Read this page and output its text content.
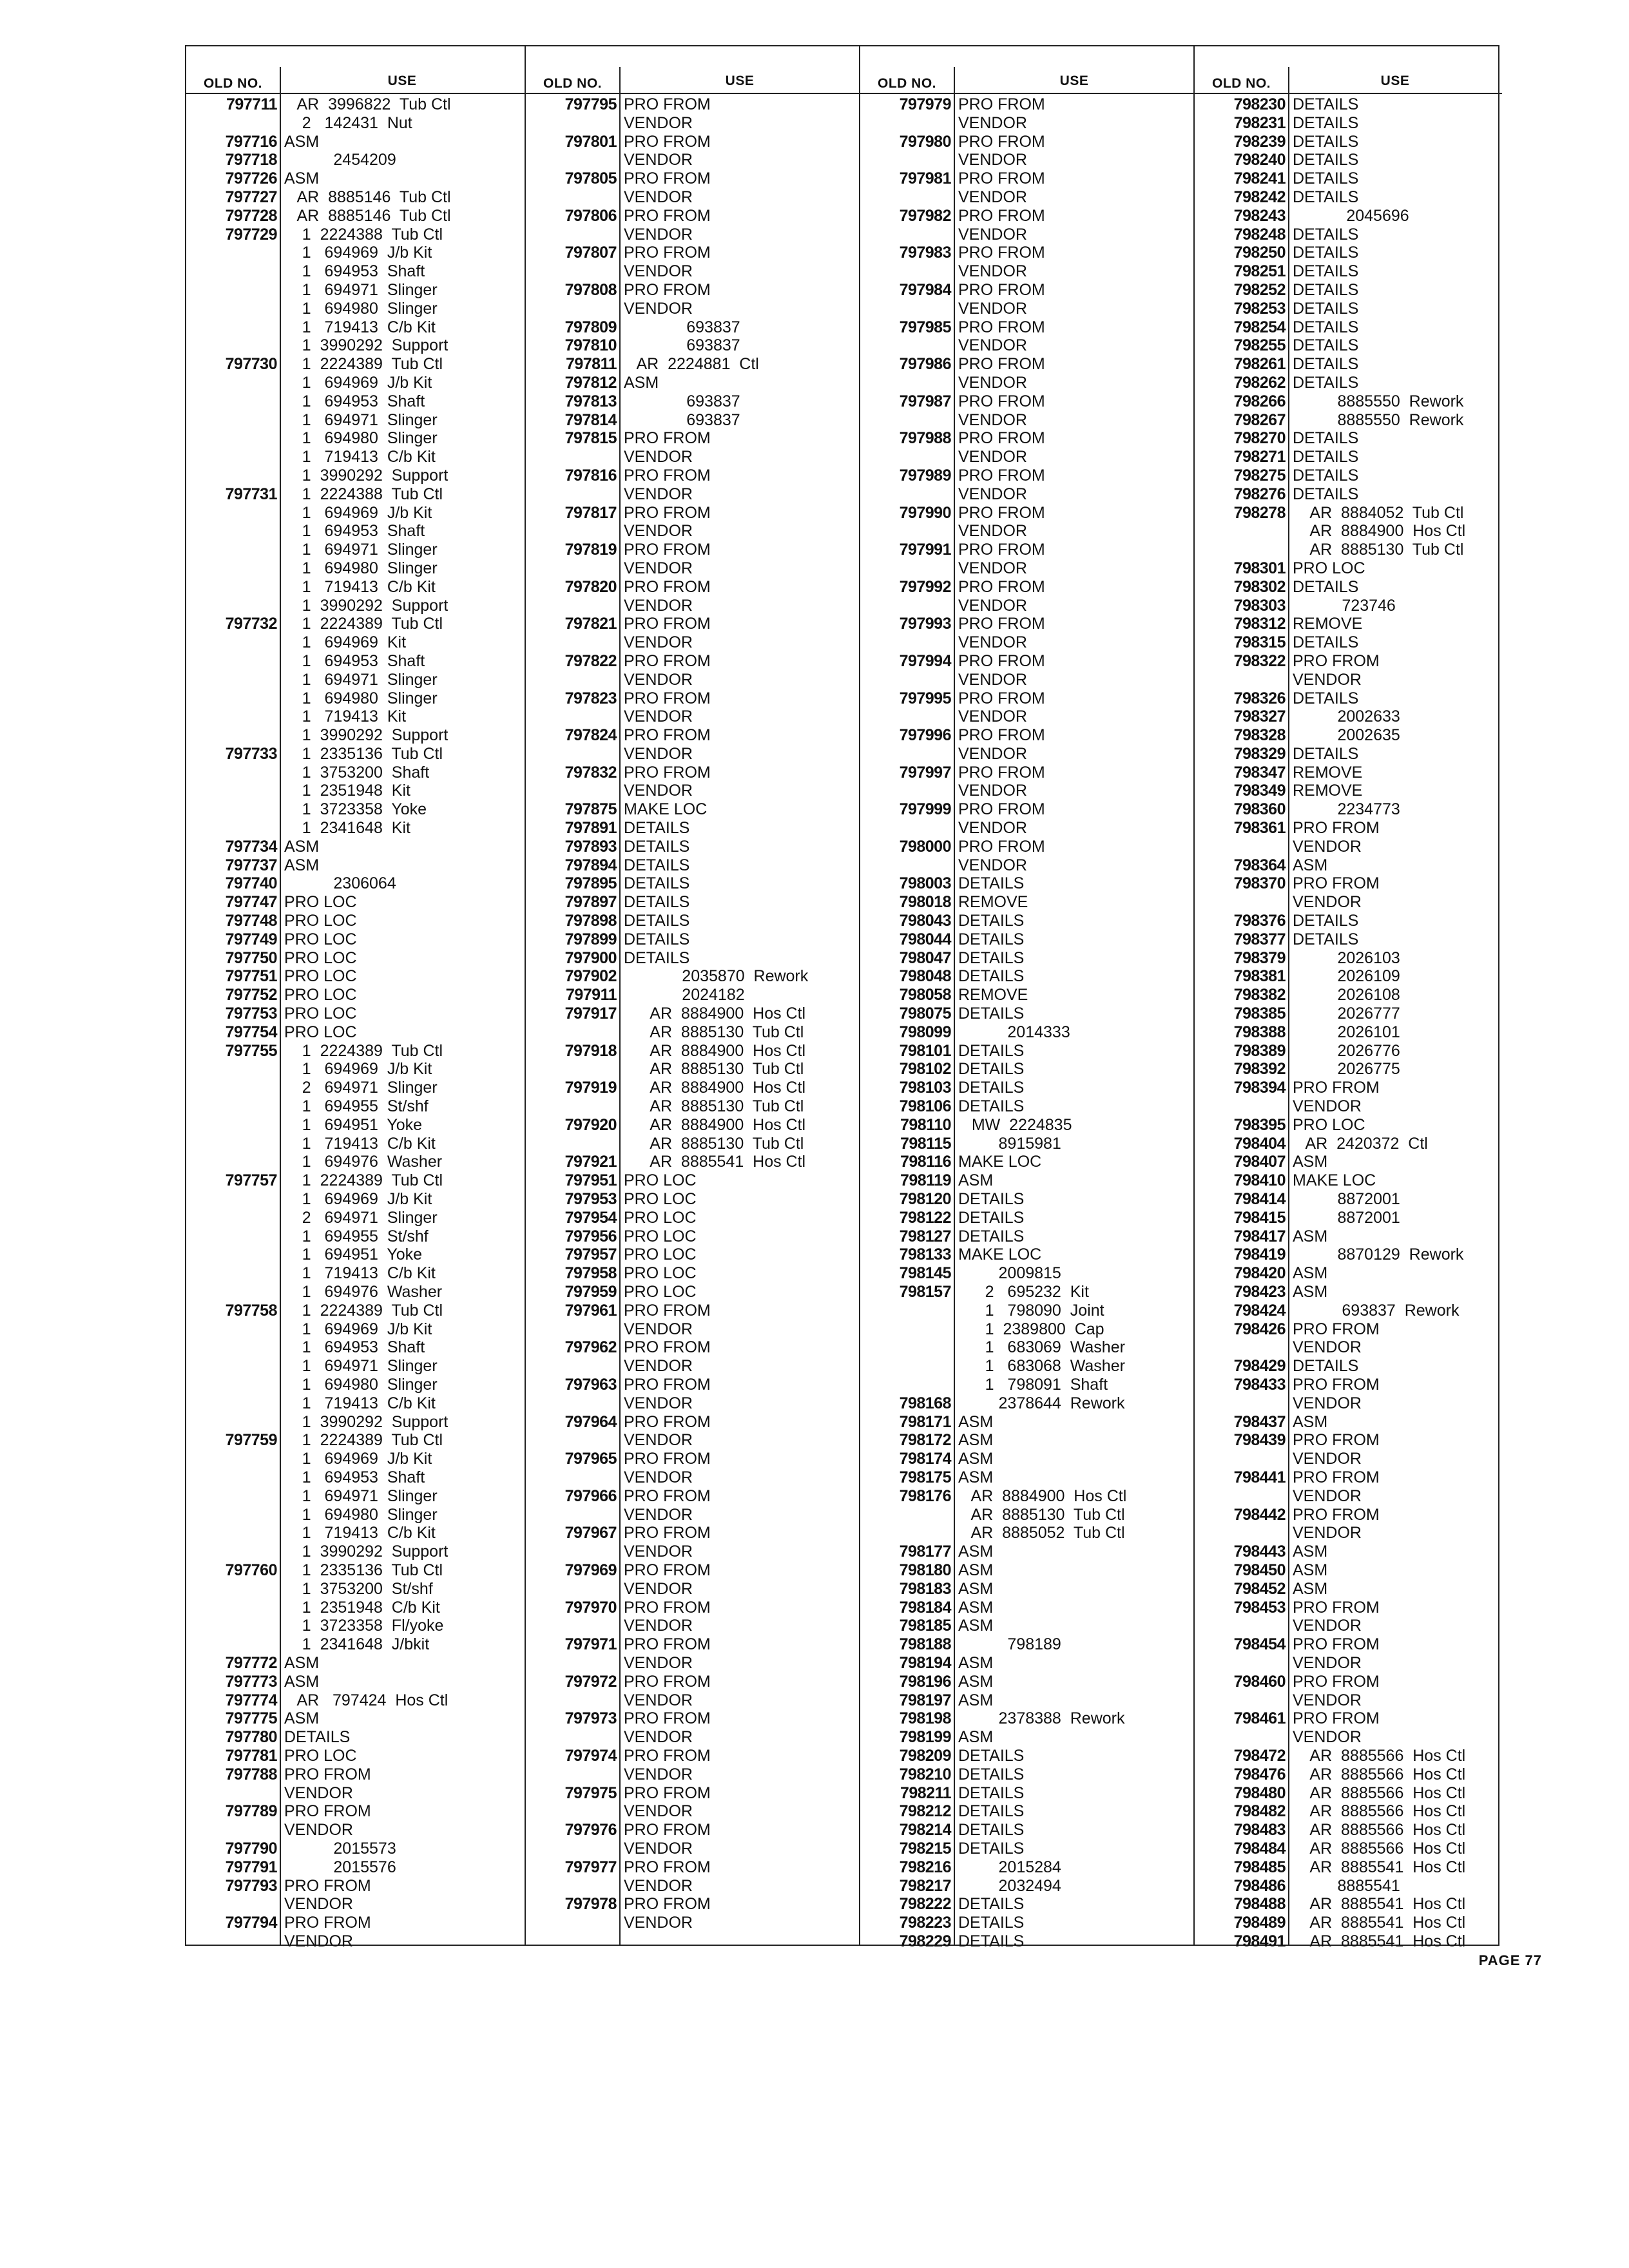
OLD NO.	USE
797711 AR  3996822  Tub Ctl
2   142431  Nut
797716 ASM
797718 2454209
797726 ASM
797727 AR  8885146  Tub Ctl
797728 AR  8885146  Tub Ctl
797729 1  2224388  Tub Ctl
1   694969  J/b Kit
1   694953  Shaft
1   694971  Slinger
1   694980  Slinger
1   719413  C/b Kit
1  3990292  Support
797730 1  2224389  Tub Ctl
1   694969  J/b Kit
1   694953  Shaft
1   694971  Slinger
1   694980  Slinger
1   719413  C/b Kit
1  3990292  Support
797731 1  2224388  Tub Ctl
1   694969  J/b Kit
1   694953  Shaft
1   694971  Slinger
1   694980  Slinger
1   719413  C/b Kit
1  3990292  Support
797732 1  2224389  Tub Ctl
1   694969  Kit
1   694953  Shaft
1   694971  Slinger
1   694980  Slinger
1   719413  Kit
1  3990292  Support
797733 1  2335136  Tub Ctl
1  3753200  Shaft
1  2351948  Kit
1  3723358  Yoke
1  2341648  Kit
797734 ASM
797737 ASM
797740 2306064
797747 PRO LOC
797748 PRO LOC
797749 PRO LOC
797750 PRO LOC
797751 PRO LOC
797752 PRO LOC
797753 PRO LOC
797754 PRO LOC
797755 1  2224389  Tub Ctl
1   694969  J/b Kit
2   694971  Slinger
1   694955  St/shf
1   694951  Yoke
1   719413  C/b Kit
1   694976  Washer
797757 1  2224389  Tub Ctl
1   694969  J/b Kit
2   694971  Slinger
1   694955  St/shf
1   694951  Yoke
1   719413  C/b Kit
1   694976  Washer
797758 1  2224389  Tub Ctl
1   694969  J/b Kit
1   694953  Shaft
1   694971  Slinger
1   694980  Slinger
1   719413  C/b Kit
1  3990292  Support
797759 1  2224389  Tub Ctl
1   694969  J/b Kit
1   694953  Shaft
1   694971  Slinger
1   694980  Slinger
1   719413  C/b Kit
1  3990292  Support
797760 1  2335136  Tub Ctl
1  3753200  St/shf
1  2351948  C/b Kit
1  3723358  Fl/yoke
1  2341648  J/bkit
797772 ASM
797773 ASM
797774 AR   797424  Hos Ctl
797775 ASM
797780 DETAILS
797781 PRO LOC
797788 PRO FROM
VENDOR
797789 PRO FROM
VENDOR
797790 2015573
797791 2015576
797793 PRO FROM
VENDOR
797794 PRO FROM
VENDOR
OLD NO.	USE
797795 PRO FROM
VENDOR
797801 PRO FROM
VENDOR
797805 PRO FROM
VENDOR
797806 PRO FROM
VENDOR
797807 PRO FROM
VENDOR
797808 PRO FROM
VENDOR
797809 693837
797810 693837
797811 AR  2224881  Ctl
797812 ASM
797813 693837
797814 693837
797815 PRO FROM
VENDOR
797816 PRO FROM
VENDOR
797817 PRO FROM
VENDOR
797819 PRO FROM
VENDOR
797820 PRO FROM
VENDOR
797821 PRO FROM
VENDOR
797822 PRO FROM
VENDOR
797823 PRO FROM
VENDOR
797824 PRO FROM
VENDOR
797832 PRO FROM
VENDOR
797875 MAKE LOC
797891 DETAILS
797893 DETAILS
797894 DETAILS
797895 DETAILS
797897 DETAILS
797898 DETAILS
797899 DETAILS
797900 DETAILS
797902 2035870  Rework
797911 2024182
797917 AR  8884900  Hos Ctl
AR  8885130  Tub Ctl
797918 AR  8884900  Hos Ctl
AR  8885130  Tub Ctl
797919 AR  8884900  Hos Ctl
AR  8885130  Tub Ctl
797920 AR  8884900  Hos Ctl
AR  8885130  Tub Ctl
797921 AR  8885541  Hos Ctl
797951 PRO LOC
797953 PRO LOC
797954 PRO LOC
797956 PRO LOC
797957 PRO LOC
797958 PRO LOC
797959 PRO LOC
797961 PRO FROM
VENDOR
797962 PRO FROM
VENDOR
797963 PRO FROM
VENDOR
797964 PRO FROM
VENDOR
797965 PRO FROM
VENDOR
797966 PRO FROM
VENDOR
797967 PRO FROM
VENDOR
797969 PRO FROM
VENDOR
797970 PRO FROM
VENDOR
797971 PRO FROM
VENDOR
797972 PRO FROM
VENDOR
797973 PRO FROM
VENDOR
797974 PRO FROM
VENDOR
797975 PRO FROM
VENDOR
797976 PRO FROM
VENDOR
797977 PRO FROM
VENDOR
797978 PRO FROM
VENDOR
OLD NO.	USE
797979 PRO FROM
VENDOR
797980 PRO FROM
VENDOR
797981 PRO FROM
VENDOR
797982 PRO FROM
VENDOR
797983 PRO FROM
VENDOR
797984 PRO FROM
VENDOR
797985 PRO FROM
VENDOR
797986 PRO FROM
VENDOR
797987 PRO FROM
VENDOR
797988 PRO FROM
VENDOR
797989 PRO FROM
VENDOR
797990 PRO FROM
VENDOR
797991 PRO FROM
VENDOR
797992 PRO FROM
VENDOR
797993 PRO FROM
VENDOR
797994 PRO FROM
VENDOR
797995 PRO FROM
VENDOR
797996 PRO FROM
VENDOR
797997 PRO FROM
VENDOR
797999 PRO FROM
VENDOR
798000 PRO FROM
VENDOR
798003 DETAILS
798018 REMOVE
798043 DETAILS
798044 DETAILS
798047 DETAILS
798048 DETAILS
798058 REMOVE
798075 DETAILS
798099 2014333
798101 DETAILS
798102 DETAILS
798103 DETAILS
798106 DETAILS
798110 MW  2224835
798115 8915981
798116 MAKE LOC
798119 ASM
798120 DETAILS
798122 DETAILS
798127 DETAILS
798133 MAKE LOC
798145 2009815
798157 2   695232  Kit
1   798090  Joint
1  2389800  Cap
1   683069  Washer
1   683068  Washer
1   798091  Shaft
798168 2378644  Rework
798171 ASM
798172 ASM
798174 ASM
798175 ASM
798176 AR  8884900  Hos Ctl
AR  8885130  Tub Ctl
AR  8885052  Tub Ctl
798177 ASM
798180 ASM
798183 ASM
798184 ASM
798185 ASM
798188 798189
798194 ASM
798196 ASM
798197 ASM
798198 2378388  Rework
798199 ASM
798209 DETAILS
798210 DETAILS
798211 DETAILS
798212 DETAILS
798214 DETAILS
798215 DETAILS
798216 2015284
798217 2032494
798222 DETAILS
798223 DETAILS
798229 DETAILS
OLD NO.	USE
798230 DETAILS
798231 DETAILS
798239 DETAILS
798240 DETAILS
798241 DETAILS
798242 DETAILS
798243 2045696
798248 DETAILS
798250 DETAILS
798251 DETAILS
798252 DETAILS
798253 DETAILS
798254 DETAILS
798255 DETAILS
798261 DETAILS
798262 DETAILS
798266 8885550  Rework
798267 8885550  Rework
798270 DETAILS
798271 DETAILS
798275 DETAILS
798276 DETAILS
798278 AR  8884052  Tub Ctl
AR  8884900  Hos Ctl
AR  8885130  Tub Ctl
798301 PRO LOC
798302 DETAILS
798303 723746
798312 REMOVE
798315 DETAILS
798322 PRO FROM
VENDOR
798326 DETAILS
798327 2002633
798328 2002635
798329 DETAILS
798347 REMOVE
798349 REMOVE
798360 2234773
798361 PRO FROM
VENDOR
798364 ASM
798370 PRO FROM
VENDOR
798376 DETAILS
798377 DETAILS
798379 2026103
798381 2026109
798382 2026108
798385 2026777
798388 2026101
798389 2026776
798392 2026775
798394 PRO FROM
VENDOR
798395 PRO LOC
798404 AR  2420372  Ctl
798407 ASM
798410 MAKE LOC
798414 8872001
798415 8872001
798417 ASM
798419 8870129  Rework
798420 ASM
798423 ASM
798424 693837  Rework
798426 PRO FROM
VENDOR
798429 DETAILS
798433 PRO FROM
VENDOR
798437 ASM
798439 PRO FROM
VENDOR
798441 PRO FROM
VENDOR
798442 PRO FROM
VENDOR
798443 ASM
798450 ASM
798452 ASM
798453 PRO FROM
VENDOR
798454 PRO FROM
VENDOR
798460 PRO FROM
VENDOR
798461 PRO FROM
VENDOR
798472 AR  8885566  Hos Ctl
798476 AR  8885566  Hos Ctl
798480 AR  8885566  Hos Ctl
798482 AR  8885566  Hos Ctl
798483 AR  8885566  Hos Ctl
798484 AR  8885566  Hos Ctl
798485 AR  8885541  Hos Ctl
798486 8885541
798488 AR  8885541  Hos Ctl
798489 AR  8885541  Hos Ctl
798491 AR  8885541  Hos Ctl
PAGE 77
